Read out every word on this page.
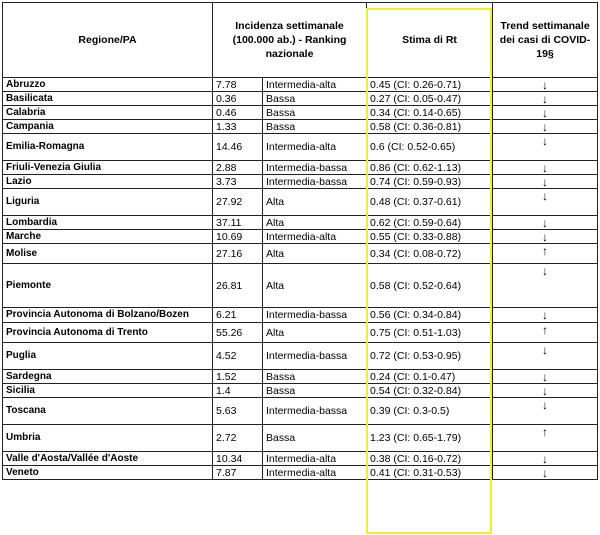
Regione/PA	Incidenza settimanale (100.000 ab.) - Ranking nazionale		Stima di Rt	Trend settimanale dei casi di COVID-19§
Abruzzo	7.78	Intermedia-alta	0.45 (CI: 0.26-0.71)	↓
Basilicata	0.36	Bassa	0.27 (CI: 0.05-0.47)	↓
Calabria	0.46	Bassa	0.34 (CI: 0.14-0.65)	↓
Campania	1.33	Bassa	0.58 (CI: 0.36-0.81)	↓
Emilia-Romagna	14.46	Intermedia-alta	0.6 (CI: 0.52-0.65)	↓
Friuli-Venezia Giulia	2.88	Intermedia-bassa	0.86 (CI: 0.62-1.13)	↓
Lazio	3.73	Intermedia-bassa	0.74 (CI: 0.59-0.93)	↓
Liguria	27.92	Alta	0.48 (CI: 0.37-0.61)	↓
Lombardia	37.11	Alta	0.62 (CI: 0.59-0.64)	↓
Marche	10.69	Intermedia-alta	0.55 (CI: 0.33-0.88)	↓
Molise	27.16	Alta	0.34 (CI: 0.08-0.72)	↑
Piemonte	26.81	Alta	0.58 (CI: 0.52-0.64)	↓
Provincia Autonoma di Bolzano/Bozen	6.21	Intermedia-bassa	0.56 (CI: 0.34-0.84)	↓
Provincia Autonoma di Trento	55.26	Alta	0.75 (CI: 0.51-1.03)	↑
Puglia	4.52	Intermedia-bassa	0.72 (CI: 0.53-0.95)	↓
Sardegna	1.52	Bassa	0.24 (CI: 0.1-0.47)	↓
Sicilia	1.4	Bassa	0.54 (CI: 0.32-0.84)	↓
Toscana	5.63	Intermedia-bassa	0.39 (CI: 0.3-0.5)	↓
Umbria	2.72	Bassa	1.23 (CI: 0.65-1.79)	↑
Valle d'Aosta/Vallée d'Aoste	10.34	Intermedia-alta	0.38 (CI: 0.16-0.72)	↓
Veneto	7.87	Intermedia-alta	0.41 (CI: 0.31-0.53)	↓
